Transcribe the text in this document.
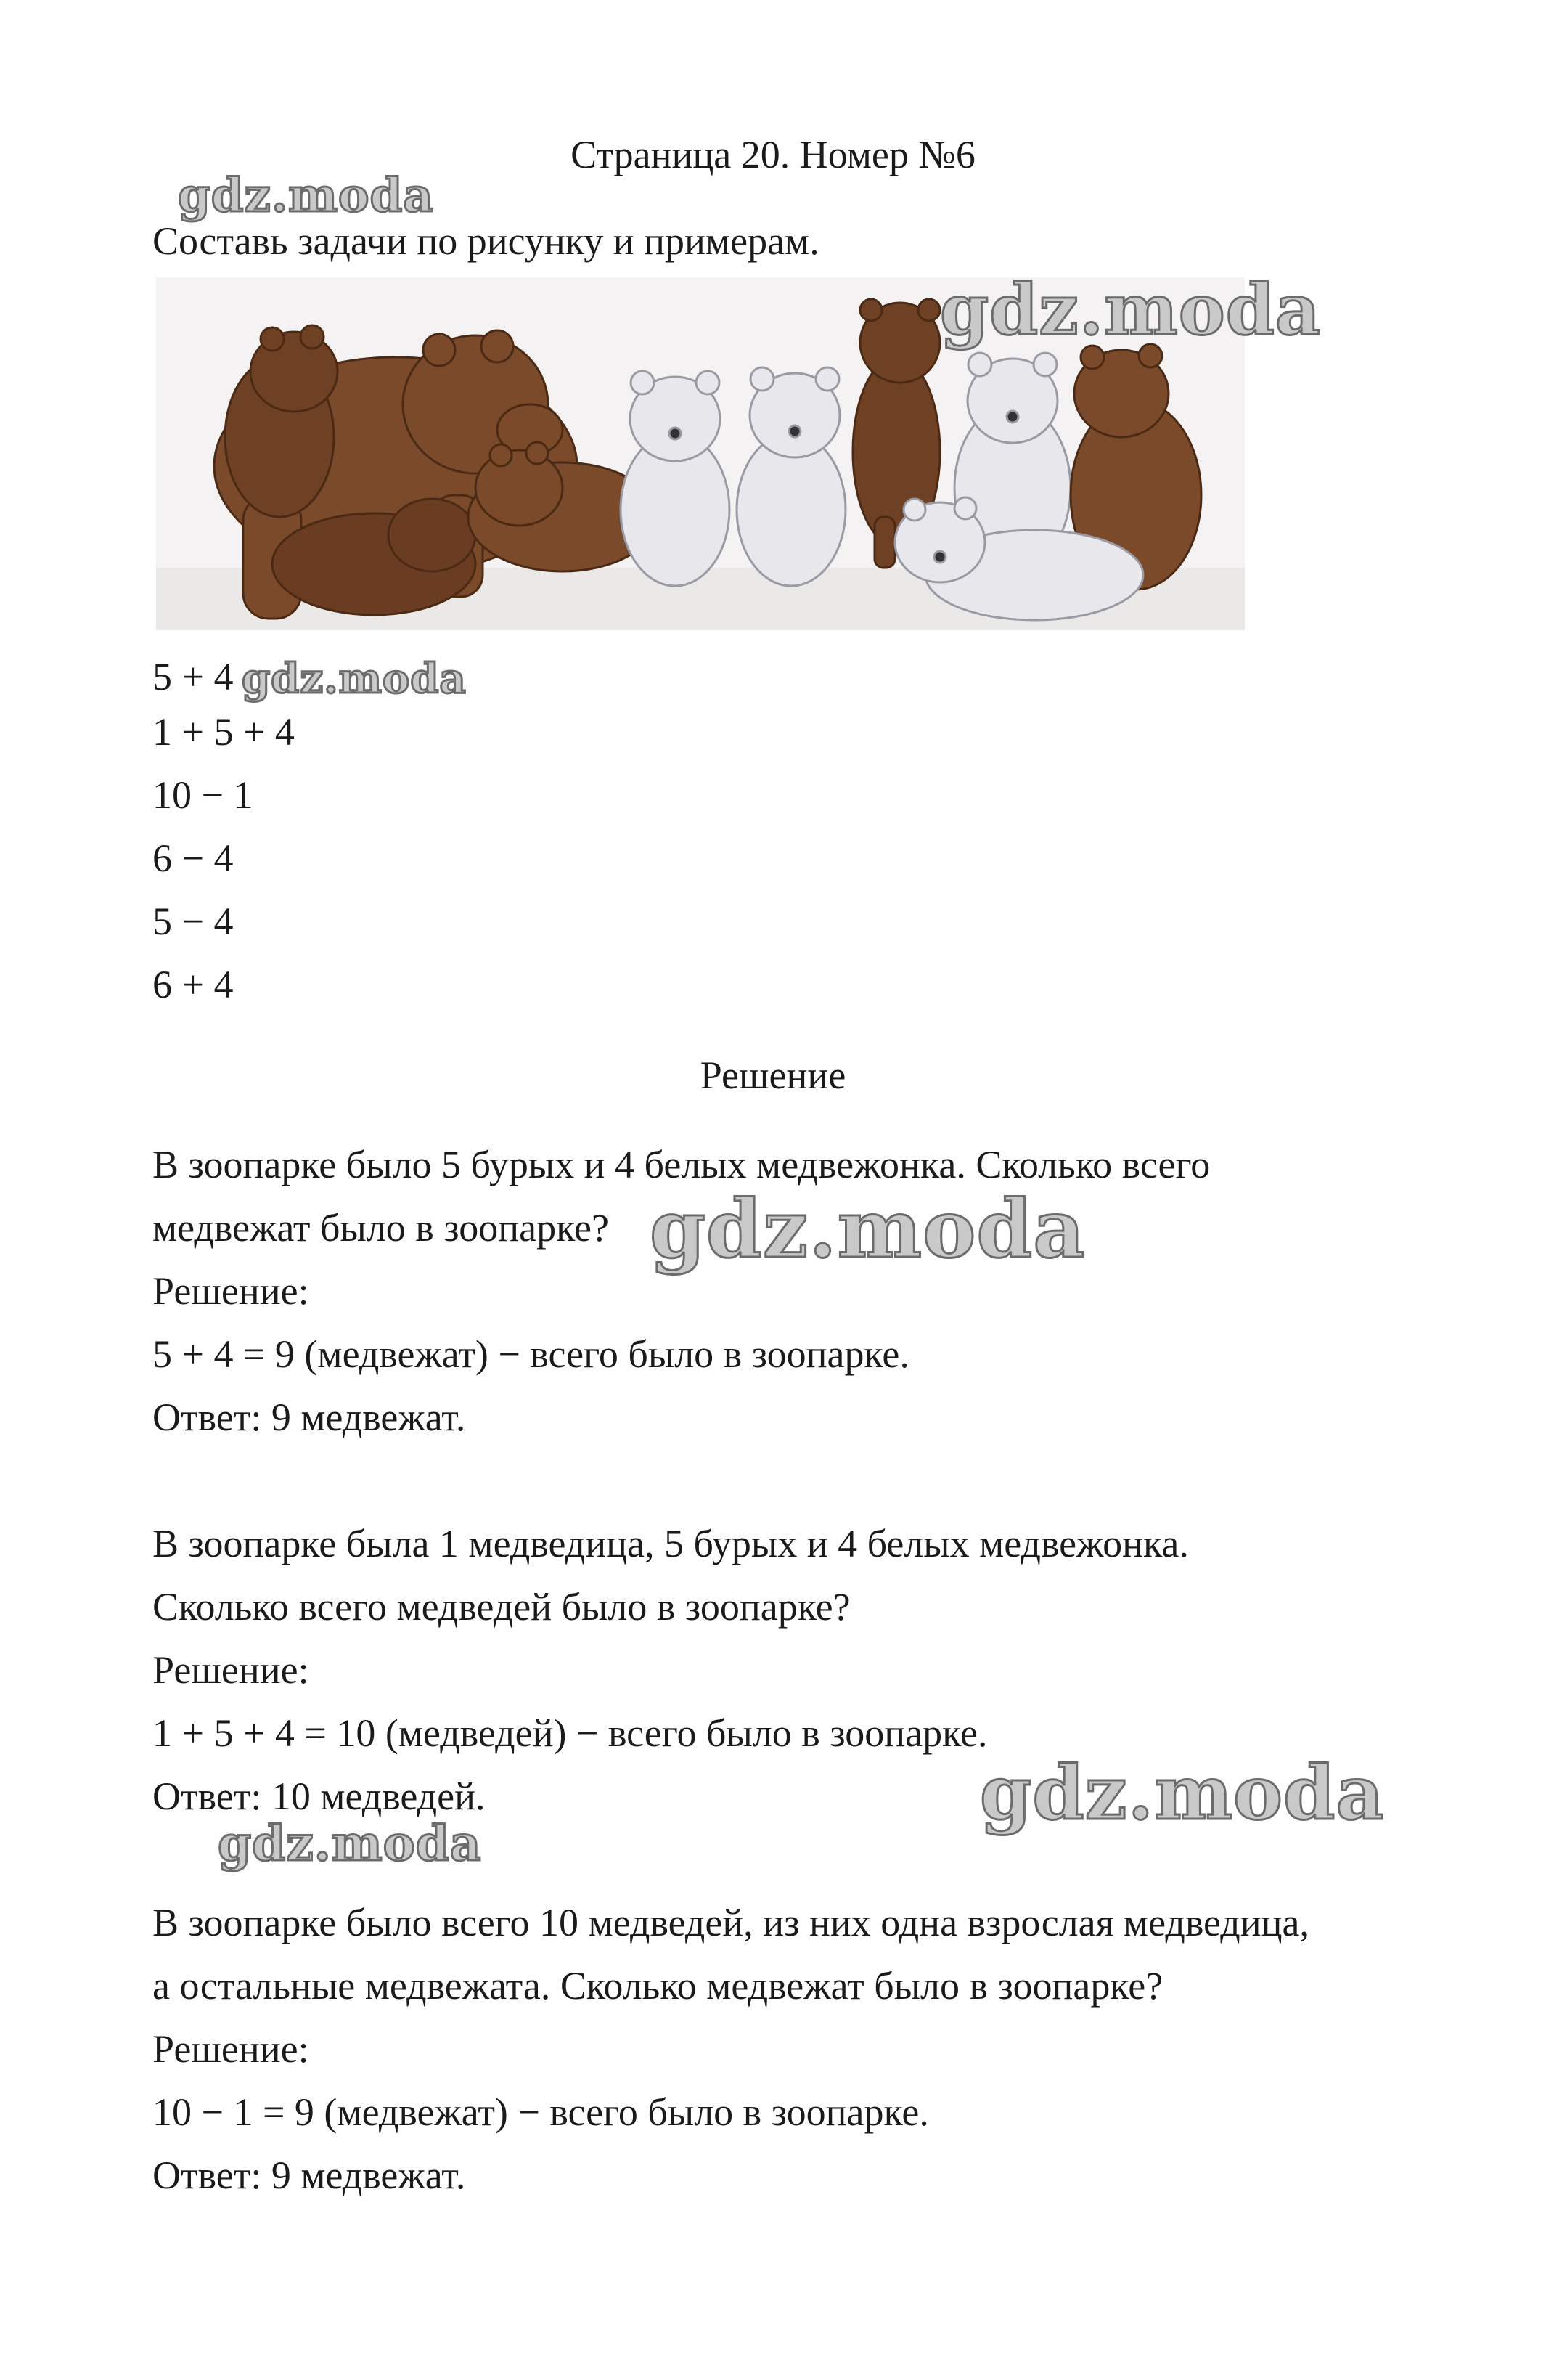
Страница 20. Номер №6
gdz.moda
Составь задачи по рисунку и примерам.
gdz.moda
5 + 4 gdz.moda
1 + 5 + 4
10 − 1
6 − 4
5 − 4
6 + 4
Решение
В зоопарке было 5 бурых и 4 белых медвежонка. Сколько всего
медвежат было в зоопарке? gdz.moda
Решение:
5 + 4 = 9 (медвежат) − всего было в зоопарке.
Ответ: 9 медвежат.
В зоопарке была 1 медведица, 5 бурых и 4 белых медвежонка.
Сколько всего медведей было в зоопарке?
Решение:
1 + 5 + 4 = 10 (медведей) − всего было в зоопарке.
Ответ: 10 медведей.	gdz.moda
gdz.moda
В зоопарке было всего 10 медведей, из них одна взрослая медведица,
а остальные медвежата. Сколько медвежат было в зоопарке?
Решение:
10 − 1 = 9 (медвежат) − всего было в зоопарке.
Ответ: 9 медвежат.
